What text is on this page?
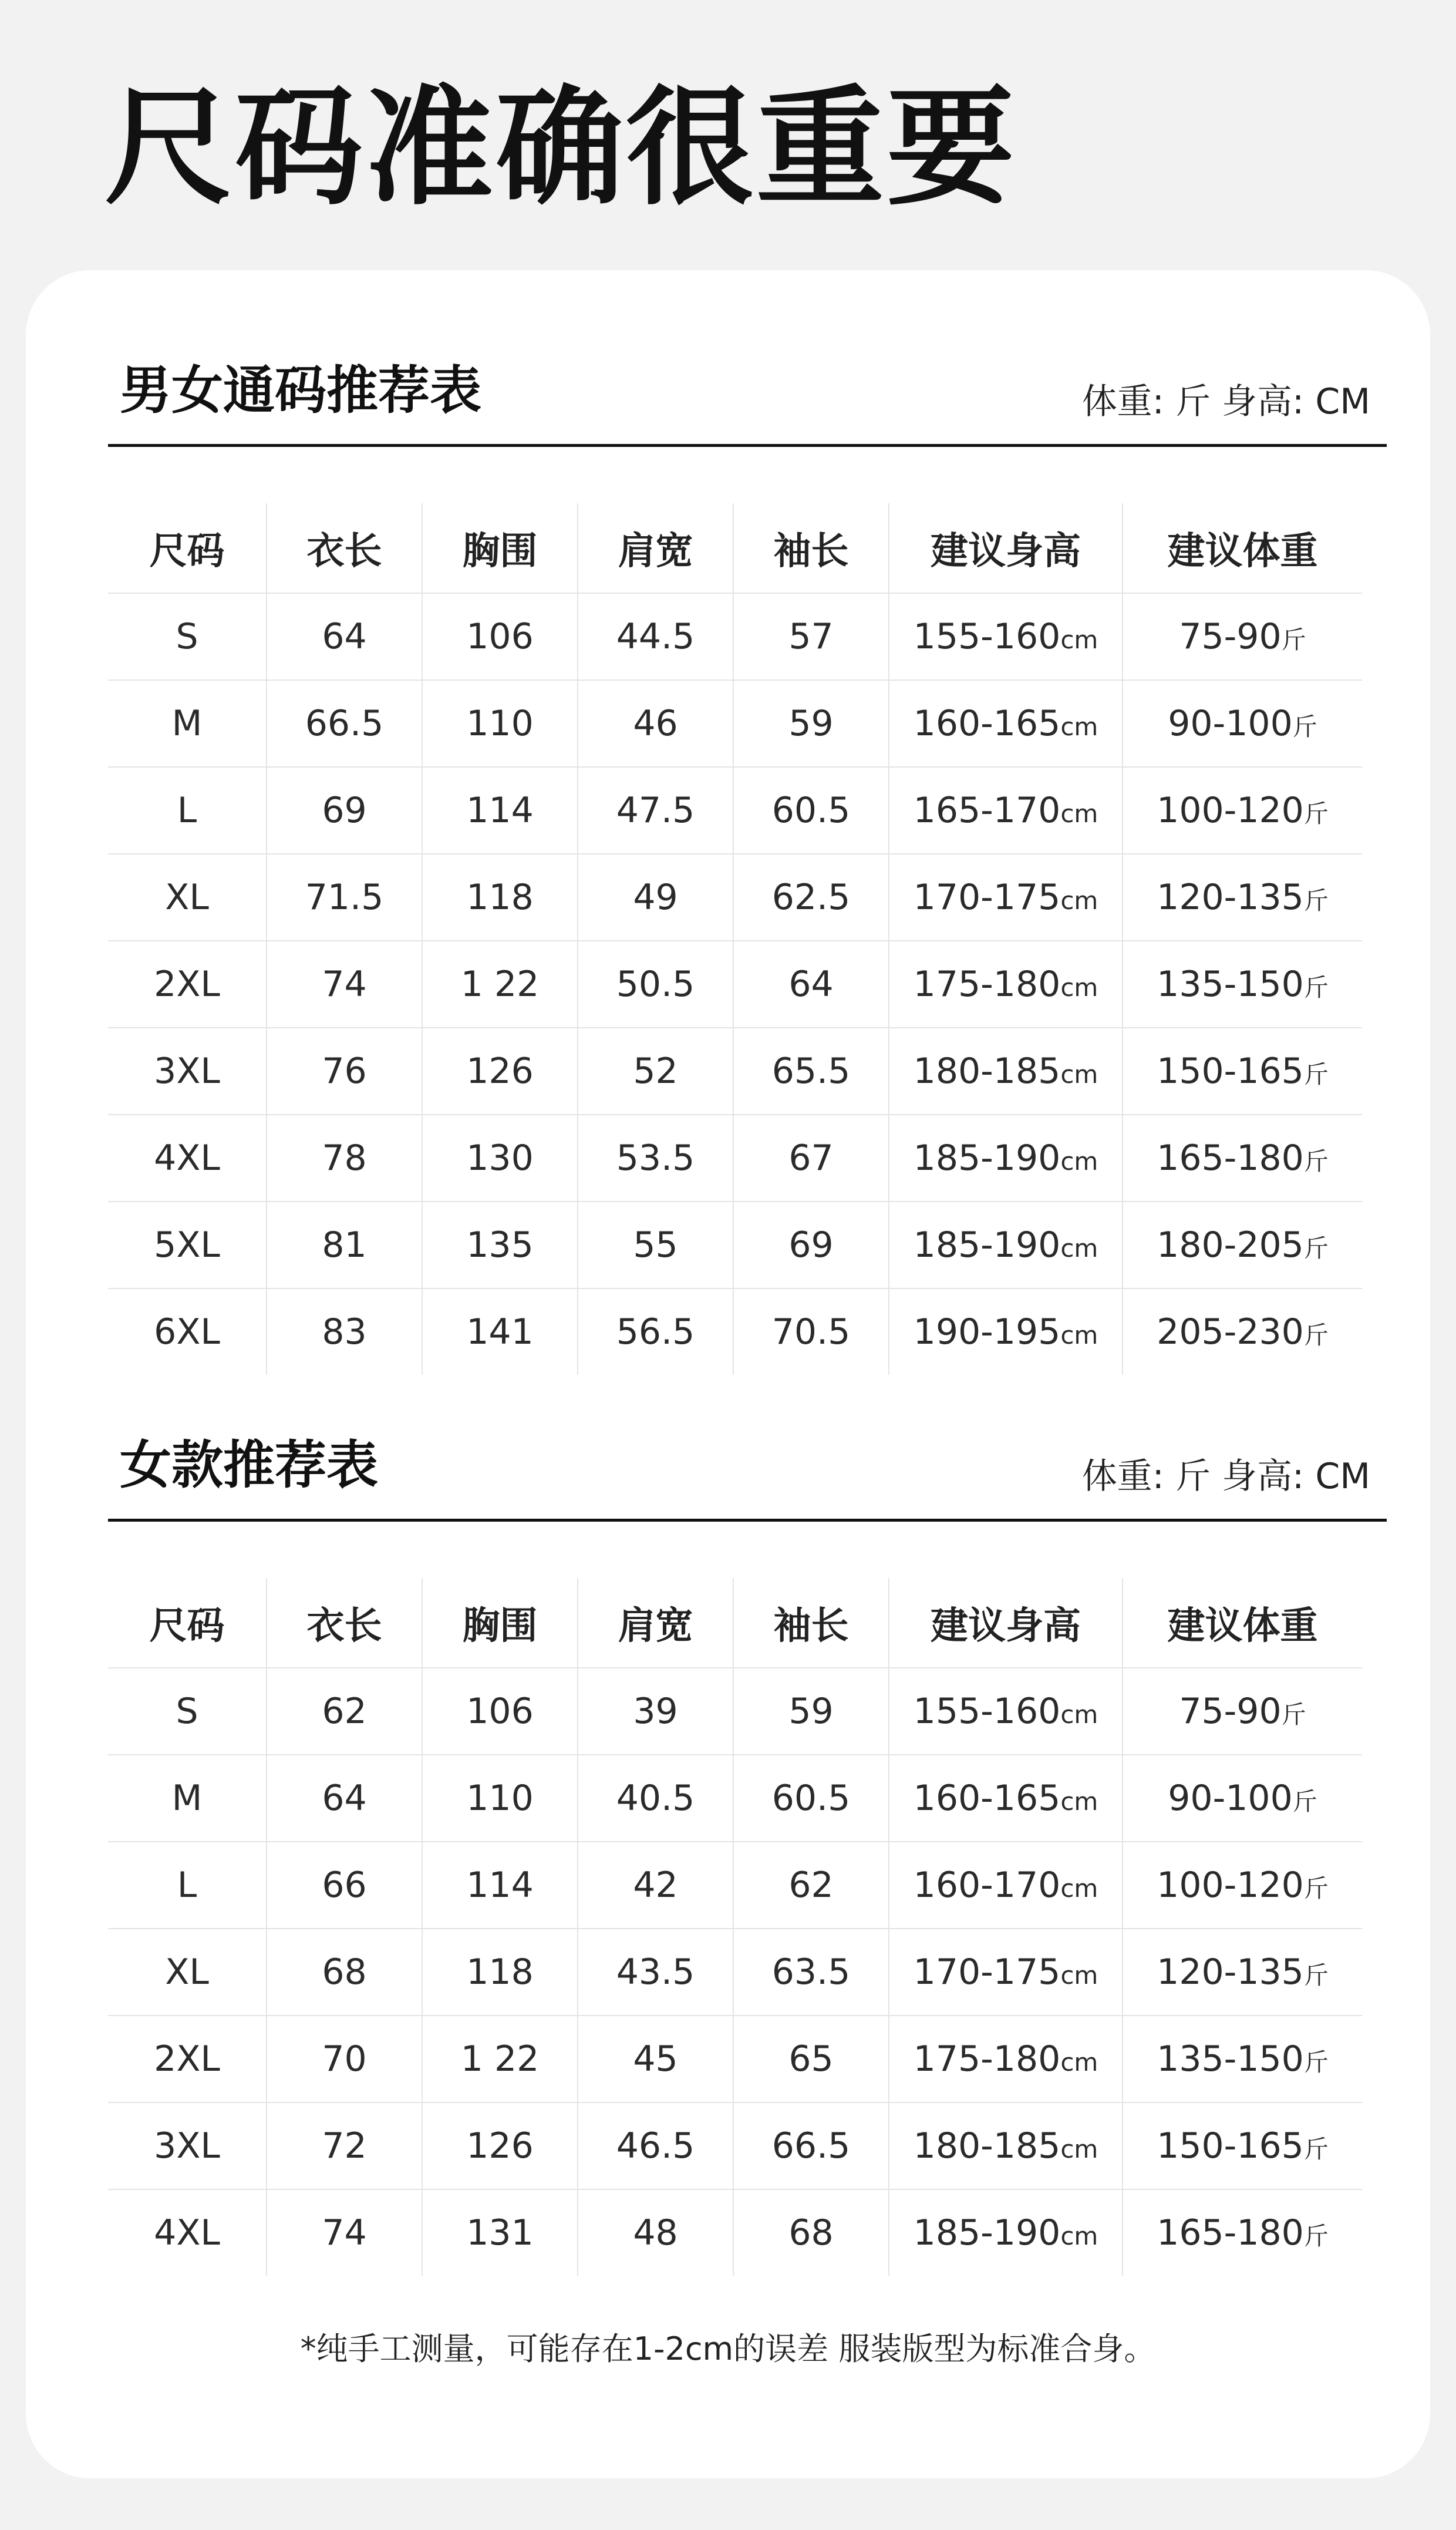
尺码准确很重要
男女通码推荐表	体重: 斤 身高: CM
尺码	衣长	胸围	肩宽	袖长	建议身高	建议体重
S	64	106	44.5	57	155-160cm	75-90斤
M	66.5	110	46	59	160-165cm	90-100斤
L	69	114	47.5	60.5	165-170cm	100-120斤
XL	71.5	118	49	62.5	170-175cm	120-135斤
2XL	74	1 22	50.5	64	175-180cm	135-150斤
3XL	76	126	52	65.5	180-185cm	150-165斤
4XL	78	130	53.5	67	185-190cm	165-180斤
5XL	81	135	55	69	185-190cm	180-205斤
6XL	83	141	56.5	70.5	190-195cm	205-230斤
女款推荐表	体重: 斤 身高: CM
尺码	衣长	胸围	肩宽	袖长	建议身高	建议体重
S	62	106	39	59	155-160cm	75-90斤
M	64	110	40.5	60.5	160-165cm	90-100斤
L	66	114	42	62	160-170cm	100-120斤
XL	68	118	43.5	63.5	170-175cm	120-135斤
2XL	70	1 22	45	65	175-180cm	135-150斤
3XL	72	126	46.5	66.5	180-185cm	150-165斤
4XL	74	131	48	68	185-190cm	165-180斤
*纯手工测量，可能存在1-2cm的误差 服装版型为标准合身。
